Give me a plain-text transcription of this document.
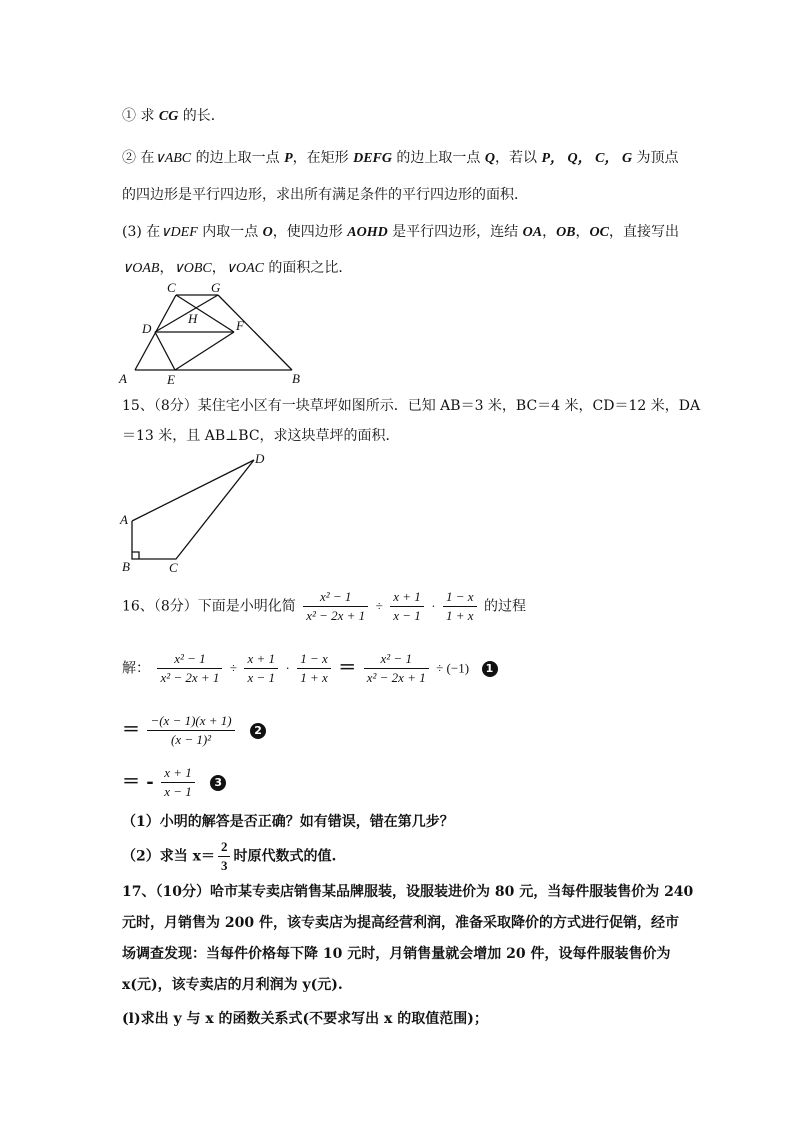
① 求 CG 的长．
② 在∨ABC 的边上取一点 P，在矩形 DEFG 的边上取一点 Q，若以 P， Q， C， G 为顶点
的四边形是平行四边形，求出所有满足条件的平行四边形的面积．
(3) 在∨DEF 内取一点 O，使四边形 AOHD 是平行四边形，连结 OA，OB，OC，直接写出
∨OAB，∨OBC，∨OAC 的面积之比．
C	G
H
D	F
A	E	B
15、（8分）某住宅小区有一块草坪如图所示．已知 AB＝3 米，BC＝4 米，CD＝12 米，DA
＝13 米，且 AB⊥BC，求这块草坪的面积．
D
A
B	C
16、（8分）下面是小明化简 $\frac{\text{x² − 1}}{\text{x² − 2x + 1}} \div \frac{x + 1}{x - 1} \cdot \frac{1 - x}{1 + x}$ 的过程
解： $\frac{\text{x² − 1}}{\text{x² − 2x + 1}} \div \frac{x + 1}{x - 1} \cdot \frac{1 - x}{1 + x} = \frac{\text{x² − 1}}{\text{x² − 2x + 1}} \div (-1)$ 1
＝ $\frac{-(x - 1)(x + 1)}{\text{(x − 1)²}} 2$
＝ - $\frac{x + 1}{x - 1} 3$
（1）小明的解答是否正确？如有错误，错在第几步？
（2）求当 $x= \frac{2}{3}$ 时原代数式的值.
17、（10分）哈市某专卖店销售某品牌服装，设服装进价为 80 元，当每件服装售价为 240
元时，月销售为 200 件，该专卖店为提高经营利润，准备采取降价的方式进行促销，经市
场调查发现：当每件价格每下降 10 元时，月销售量就会增加 20 件，设每件服装售价为
x(元)，该专卖店的月利润为 y(元).
(l)求出 y 与 x 的函数关系式(不要求写出 x 的取值范围)；
